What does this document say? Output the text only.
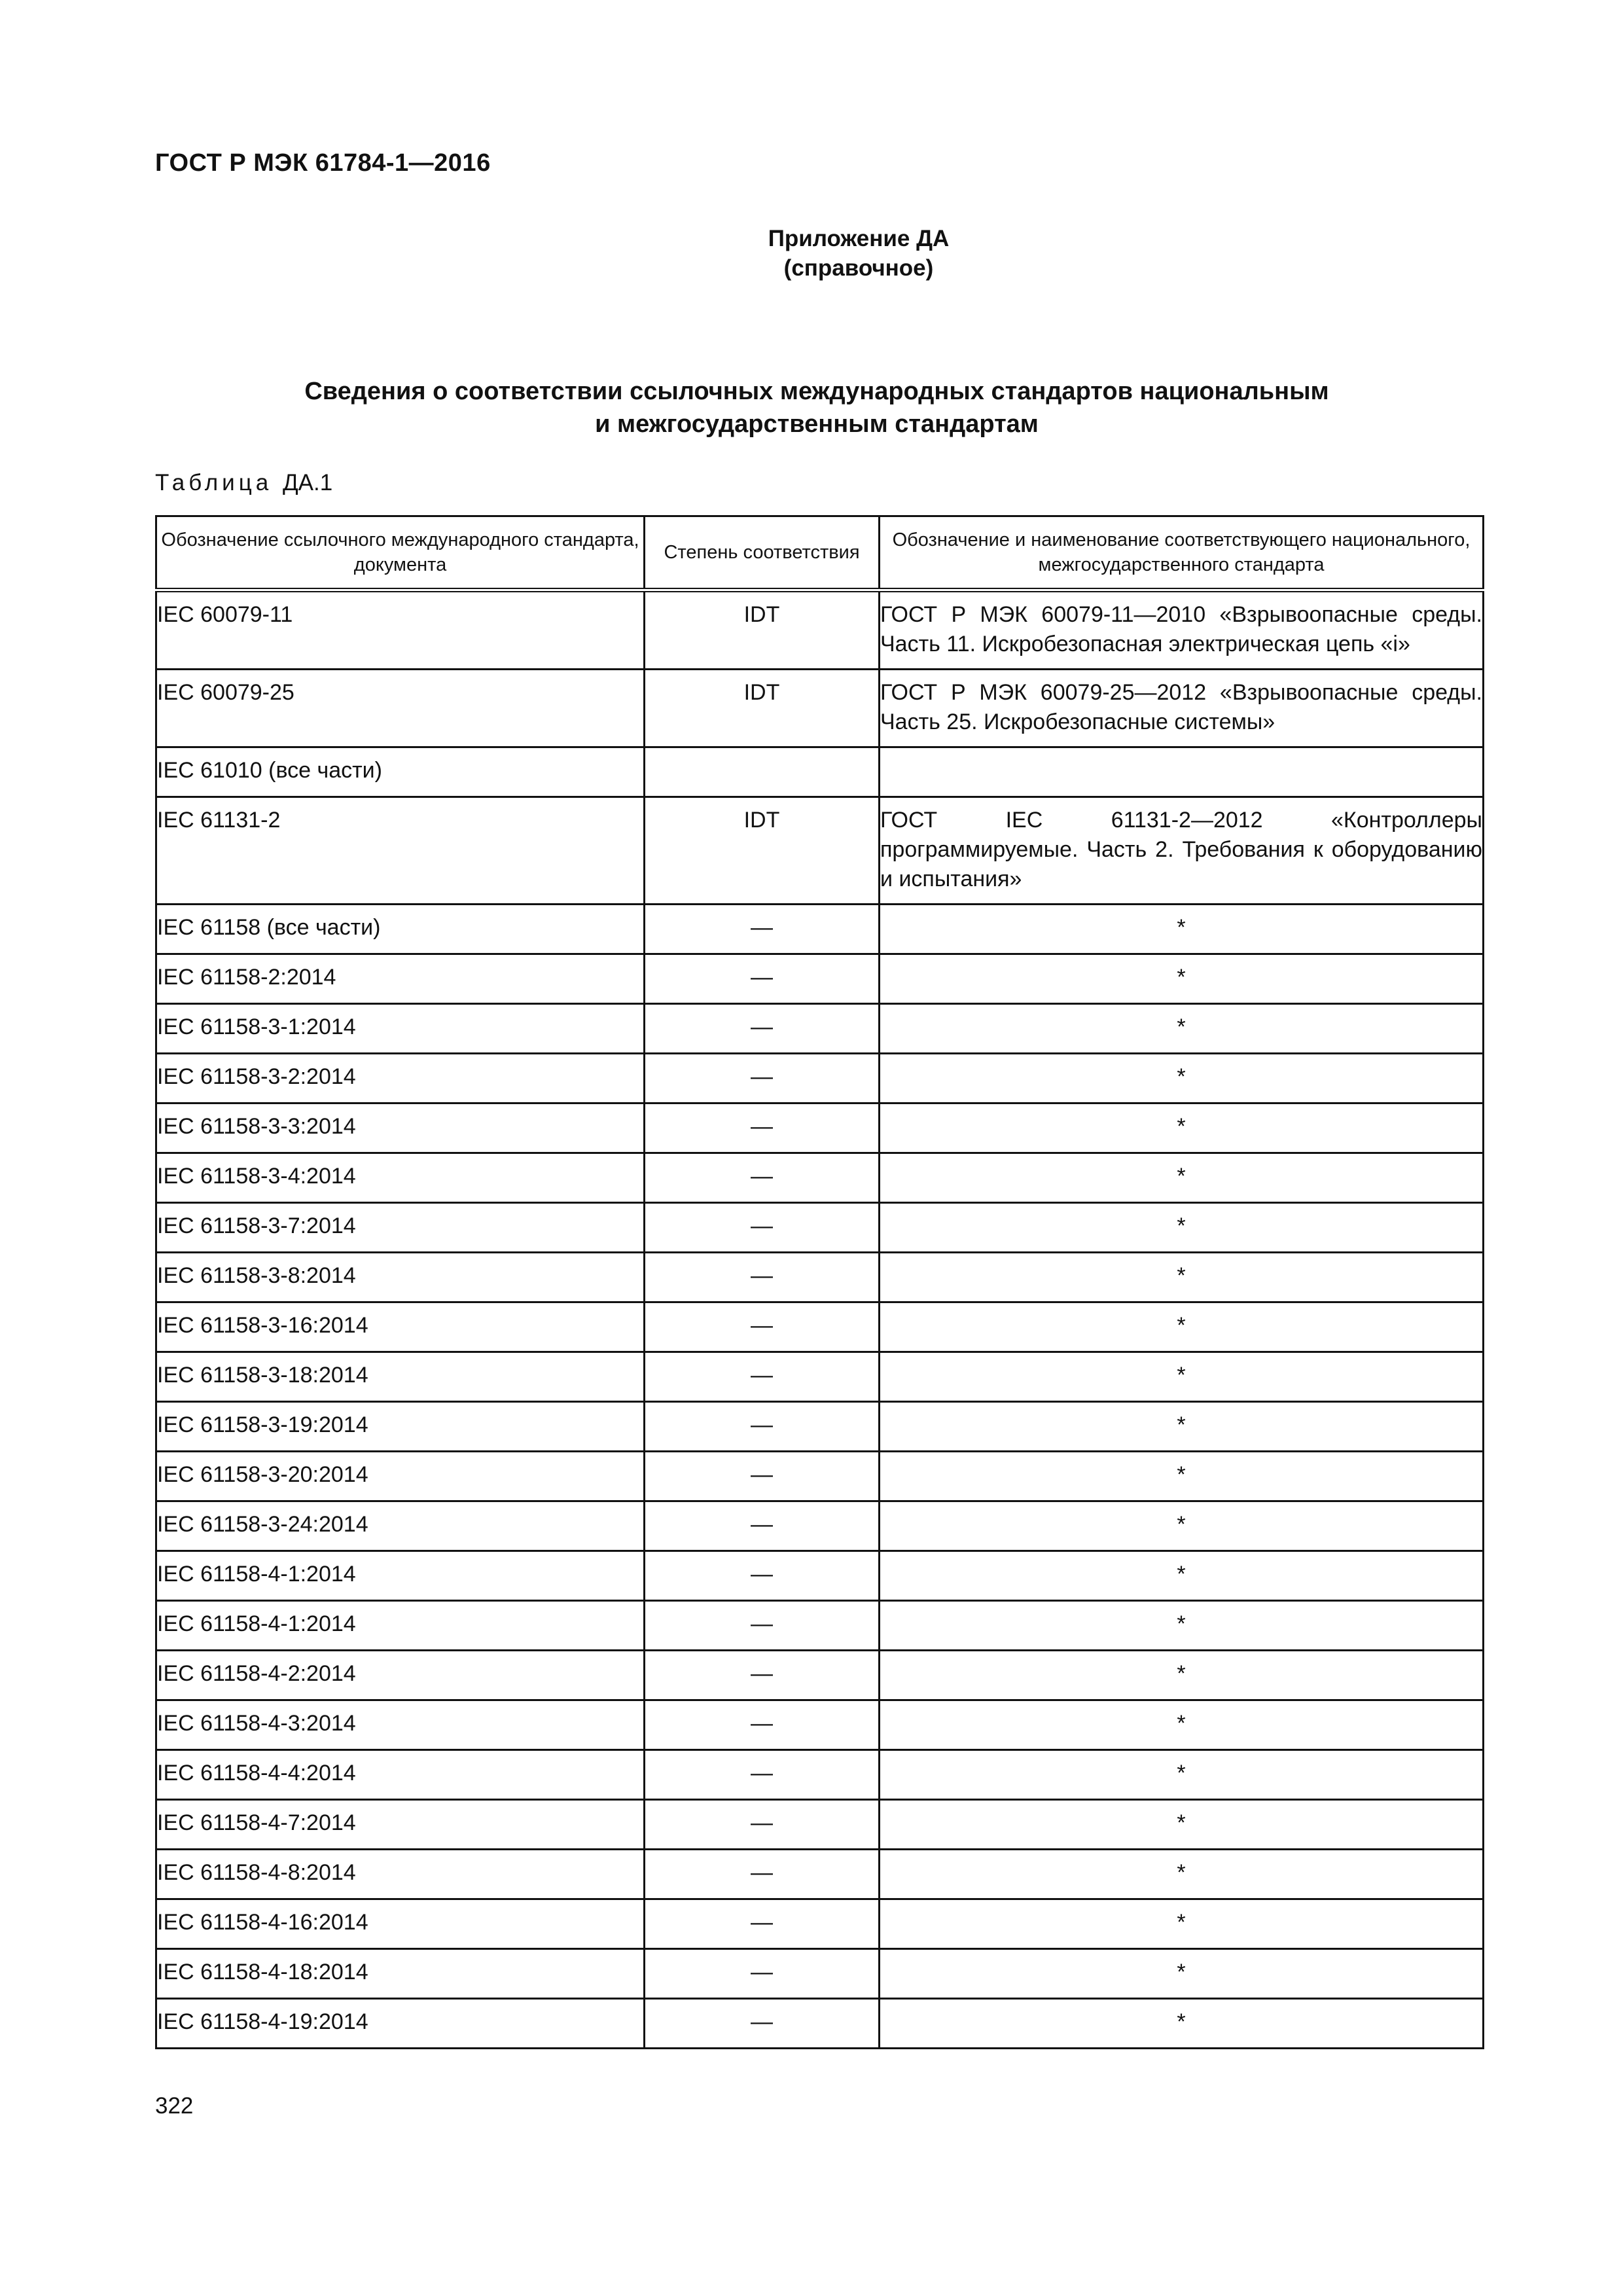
ГОСТ Р МЭК 61784-1—2016
Приложение ДА
(справочное)
Сведения о соответствии ссылочных международных стандартов национальным
и межгосударственным стандартам
Таблица ДА.1
Обозначение ссылочного международного стандарта, документа	Степень соответствия	Обозначение и наименование соответствующего национального, межгосударственного стандарта
IEC 60079-11	IDT	ГОСТ Р МЭК 60079-11—2010 «Взрывоопасные среды. Часть 11. Искробезопасная электрическая цепь «i»
IEC 60079-25	IDT	ГОСТ Р МЭК 60079-25—2012 «Взрывоопасные среды. Часть 25. Искробезопасные системы»
IEC 61010 (все части)		
IEC 61131-2	IDT	ГОСТ IEC 61131-2—2012 «Контроллеры программируемые. Часть 2. Требования к оборудованию и испытания»
IEC 61158 (все части)	—	*
IEC 61158-2:2014	—	*
IEC 61158-3-1:2014	—	*
IEC 61158-3-2:2014	—	*
IEC 61158-3-3:2014	—	*
IEC 61158-3-4:2014	—	*
IEC 61158-3-7:2014	—	*
IEC 61158-3-8:2014	—	*
IEC 61158-3-16:2014	—	*
IEC 61158-3-18:2014	—	*
IEC 61158-3-19:2014	—	*
IEC 61158-3-20:2014	—	*
IEC 61158-3-24:2014	—	*
IEC 61158-4-1:2014	—	*
IEC 61158-4-1:2014	—	*
IEC 61158-4-2:2014	—	*
IEC 61158-4-3:2014	—	*
IEC 61158-4-4:2014	—	*
IEC 61158-4-7:2014	—	*
IEC 61158-4-8:2014	—	*
IEC 61158-4-16:2014	—	*
IEC 61158-4-18:2014	—	*
IEC 61158-4-19:2014	—	*
322
